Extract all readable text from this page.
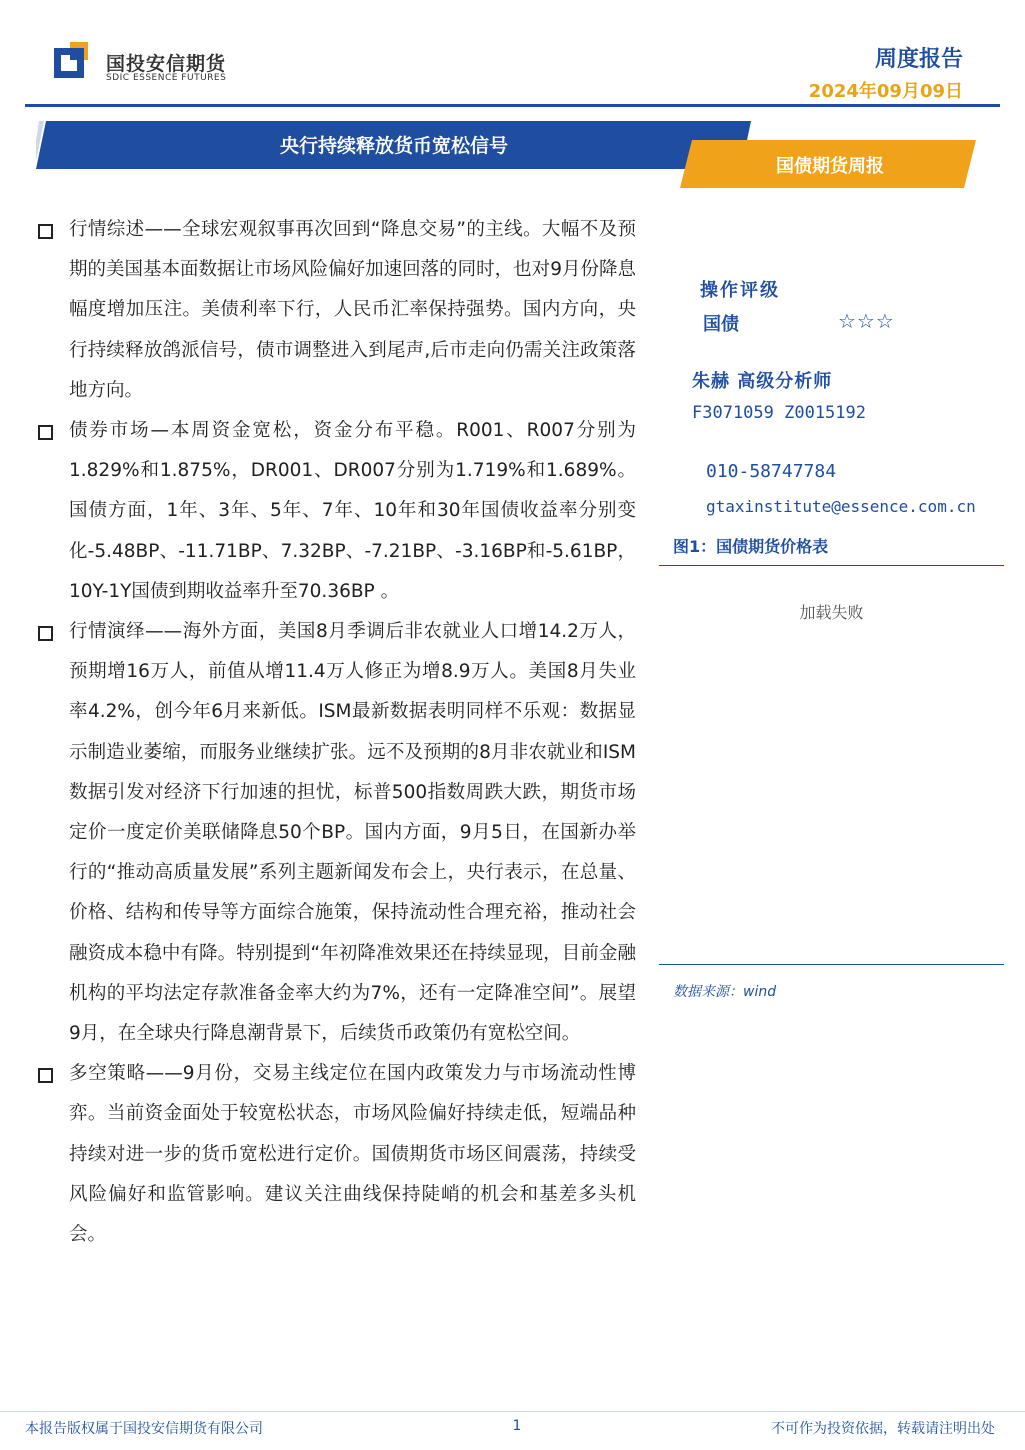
国投安信期货
SDIC ESSENCE FUTURES
周度报告
2024年09月09日
央行持续释放货币宽松信号
国债期货周报
行情综述——全球宏观叙事再次回到“降息交易”的主线。大幅不及预期的美国基本面数据让市场风险偏好加速回落的同时，也对9月份降息幅度增加压注。美债利率下行，人民币汇率保持强势。国内方向，央行持续释放鸽派信号，债市调整进入到尾声,后市走向仍需关注政策落地方向。
债券市场—本周资金宽松，资金分布平稳。R001、R007分别为1.829%和1.875%，DR001、DR007分别为1.719%和1.689%。国债方面，1年、3年、5年、7年、10年和30年国债收益率分别变化-5.48BP、-11.71BP、7.32BP、-7.21BP、-3.16BP和-5.61BP，10Y-1Y国债到期收益率升至70.36BP 。
行情演绎——海外方面，美国8月季调后非农就业人口增14.2万人，预期增16万人，前值从增11.4万人修正为增8.9万人。美国8月失业率4.2%，创今年6月来新低。ISM最新数据表明同样不乐观：数据显示制造业萎缩，而服务业继续扩张。远不及预期的8月非农就业和ISM数据引发对经济下行加速的担忧，标普500指数周跌大跌，期货市场定价一度定价美联储降息50个BP。国内方面，9月5日，在国新办举行的“推动高质量发展”系列主题新闻发布会上，央行表示，在总量、价格、结构和传导等方面综合施策，保持流动性合理充裕，推动社会融资成本稳中有降。特别提到“年初降准效果还在持续显现，目前金融机构的平均法定存款准备金率大约为7%，还有一定降准空间”。展望9月，在全球央行降息潮背景下，后续货币政策仍有宽松空间。
多空策略——9月份，交易主线定位在国内政策发力与市场流动性博弈。当前资金面处于较宽松状态，市场风险偏好持续走低，短端品种持续对进一步的货币宽松进行定价。国债期货市场区间震荡，持续受风险偏好和监管影响。建议关注曲线保持陡峭的机会和基差多头机会。
操作评级
国债	☆☆☆
朱赫 高级分析师
F3071059 Z0015192
010-58747784
gtaxinstitute@essence.com.cn
图1：国债期货价格表
加载失败
数据来源：wind
本报告版权属于国投安信期货有限公司	1	不可作为投资依据，转载请注明出处
